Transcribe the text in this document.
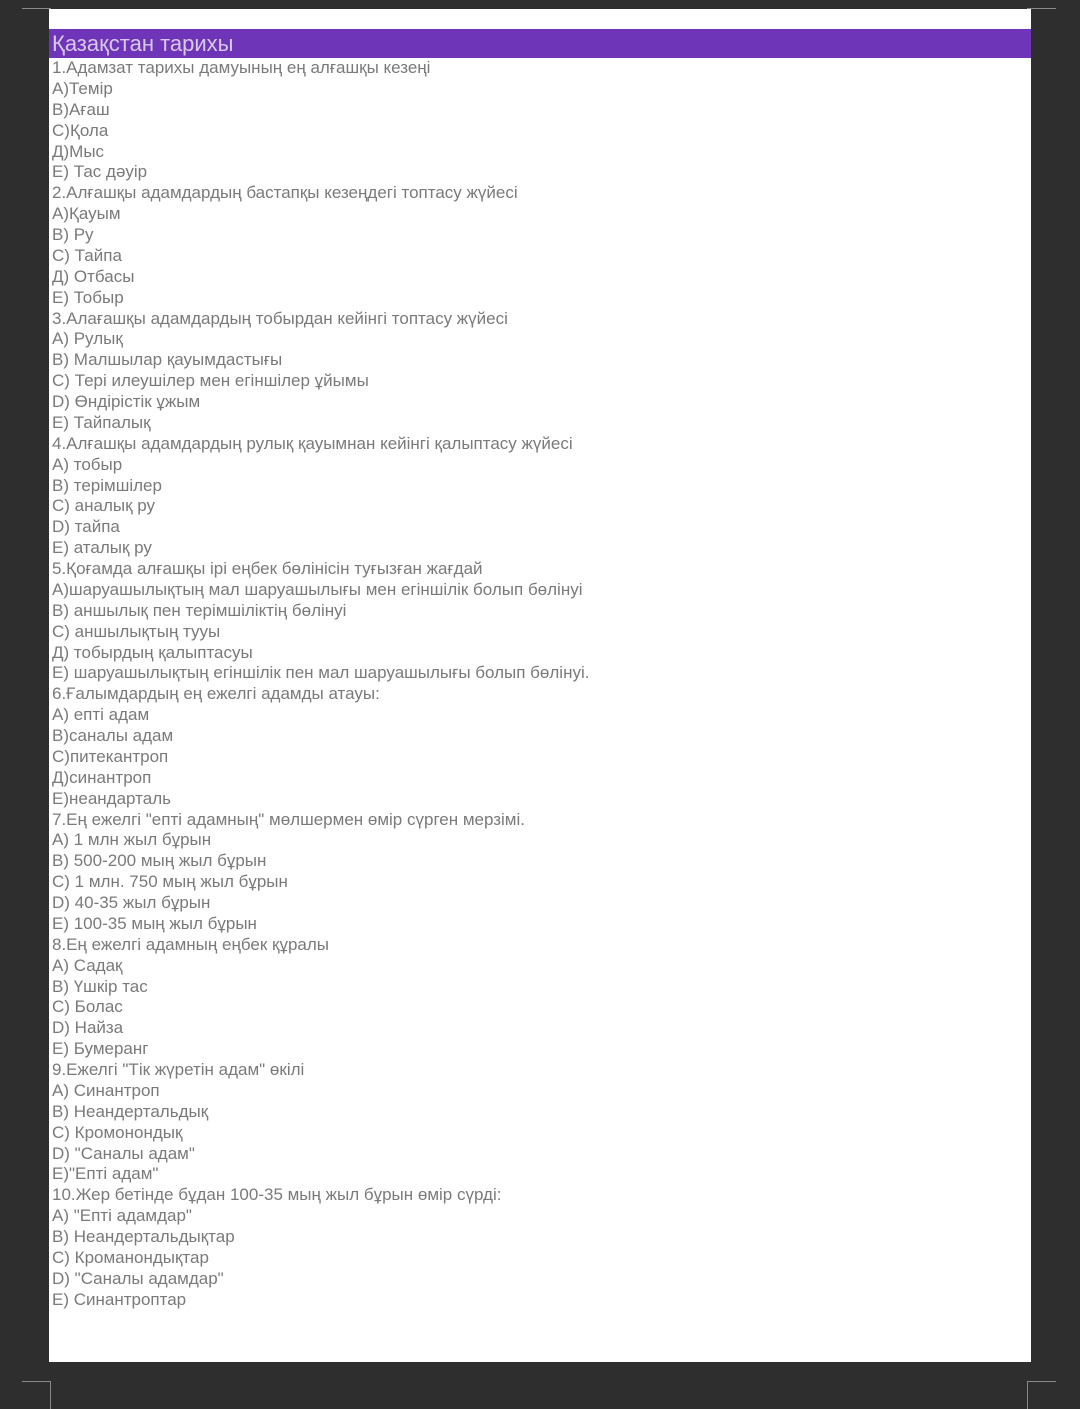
Қазақстан тарихы
1.Адамзат тарихы дамуының ең алғашқы кезеңі
А)Темір
В)Ағаш
С)Қола
Д)Мыс
Е) Тас дәуір
2.Алғашқы адамдардың бастапқы кезеңдегі топтасу жүйесі
А)Қауым
В) Ру
С) Тайпа
Д) Отбасы
Е) Тобыр
3.Алағашқы адамдардың тобырдан кейінгі топтасу жүйесі
А) Рулық
В) Малшылар қауымдастығы
С) Тері илеушілер мен егіншілер ұйымы
D) Өндірістік ұжым
Е) Тайпалық
4.Алғашқы адамдардың рулық қауымнан кейінгі қалыптасу жүйесі
А) тобыр
В) терімшілер
С) аналық ру
D) тайпа
Е) аталық ру
5.Қоғамда алғашқы ірі еңбек бөлінісін туғызған жағдай
А)шаруашылықтың мал шаруашылығы мен егіншілік болып бөлінуі
В) аншылық пен терімшіліктің бөлінуі
С) аншылықтың тууы
Д) тобырдың қалыптасуы
Е) шаруашылықтың егіншілік пен мал шаруашылығы болып бөлінуі.
6.Ғалымдардың ең ежелгі адамды атауы:
А) епті адам
В)саналы адам
С)питекантроп
Д)синантроп
Е)неандарталь
7.Ең ежелгі "епті адамның" мөлшермен өмір сүрген мерзімі.
А) 1 млн жыл бұрын
В) 500-200 мың жыл бұрын
С) 1 млн. 750 мың жыл бұрын
D) 40-35 жыл бұрын
Е) 100-35 мың жыл бұрын
8.Ең ежелгі адамның еңбек құралы
А) Садақ
В) Үшкір тас
С) Болас
D) Найза
Е) Бумеранг
9.Ежелгі "Тік жүретін адам" өкілі
А) Синантроп
В) Неандертальдық
С) Кромонондық
D) "Саналы адам"
Е)"Епті адам"
10.Жер бетінде бұдан 100-35 мың жыл бұрын өмір сүрді:
А) "Епті адамдар"
В) Неандертальдықтар
С) Кроманондықтар
D) "Саналы адамдар"
Е) Синантроптар
